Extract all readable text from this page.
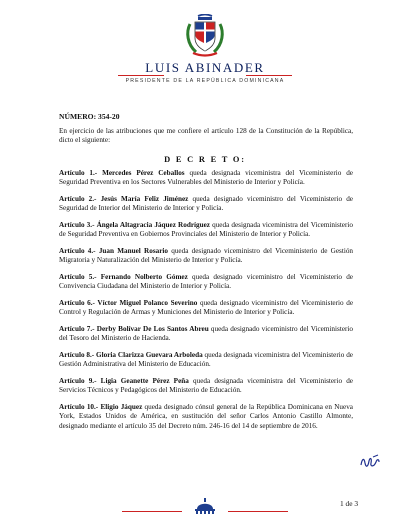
LUIS ABINADER
PRESIDENTE DE LA REPÚBLICA DOMINICANA
NÚMERO: 354-20
En ejercicio de las atribuciones que me confiere el artículo 128 de la Constitución de la República, dicto el siguiente:
D E C R E T O:

Artículo 1.- Mercedes Pérez Ceballos queda designada viceministra del Viceministerio de Seguridad Preventiva en los Sectores Vulnerables del Ministerio de Interior y Policía.

Artículo 2.- Jesús María Feliz Jiménez queda designado viceministro del Viceministerio de Seguridad de Interior del Ministerio de Interior y Policía.

Artículo 3.- Ángela Altagracia Jáquez Rodríguez queda designada viceministra del Viceministerio de Seguridad Preventiva en Gobiernos Provinciales del Ministerio de Interior y Policía.

Artículo 4.- Juan Manuel Rosario queda designado viceministro del Viceministerio de Gestión Migratoria y Naturalización del Ministerio de Interior y Policía.

Artículo 5.- Fernando Nolberto Gómez queda designado viceministro del Viceministerio de Convivencia Ciudadana del Ministerio de Interior y Policía.

Artículo 6.- Víctor Miguel Polanco Severino queda designado viceministro del Viceministerio de Control y Regulación de Armas y Municiones del Ministerio de Interior y Policía.

Artículo 7.- Derby Bolívar De Los Santos Abreu queda designado viceministro del Viceministerio del Tesoro del Ministerio de Hacienda.

Artículo 8.- Gloria Clarizza Guevara Arboleda queda designada viceministra del Viceministerio de Gestión Administrativa del Ministerio de Educación.

Artículo 9.- Ligia Geanette Pérez Peña queda designada viceministra del Viceministerio de Servicios Técnicos y Pedagógicos del Ministerio de Educación.

Artículo 10.- Eligio Jáquez queda designado cónsul general de la República Dominicana en Nueva York, Estados Unidos de América, en sustitución del señor Carlos Antonio Castillo Almonte, designado mediante el artículo 35 del Decreto núm. 246-16 del 14 de septiembre de 2016.

1 de 3
